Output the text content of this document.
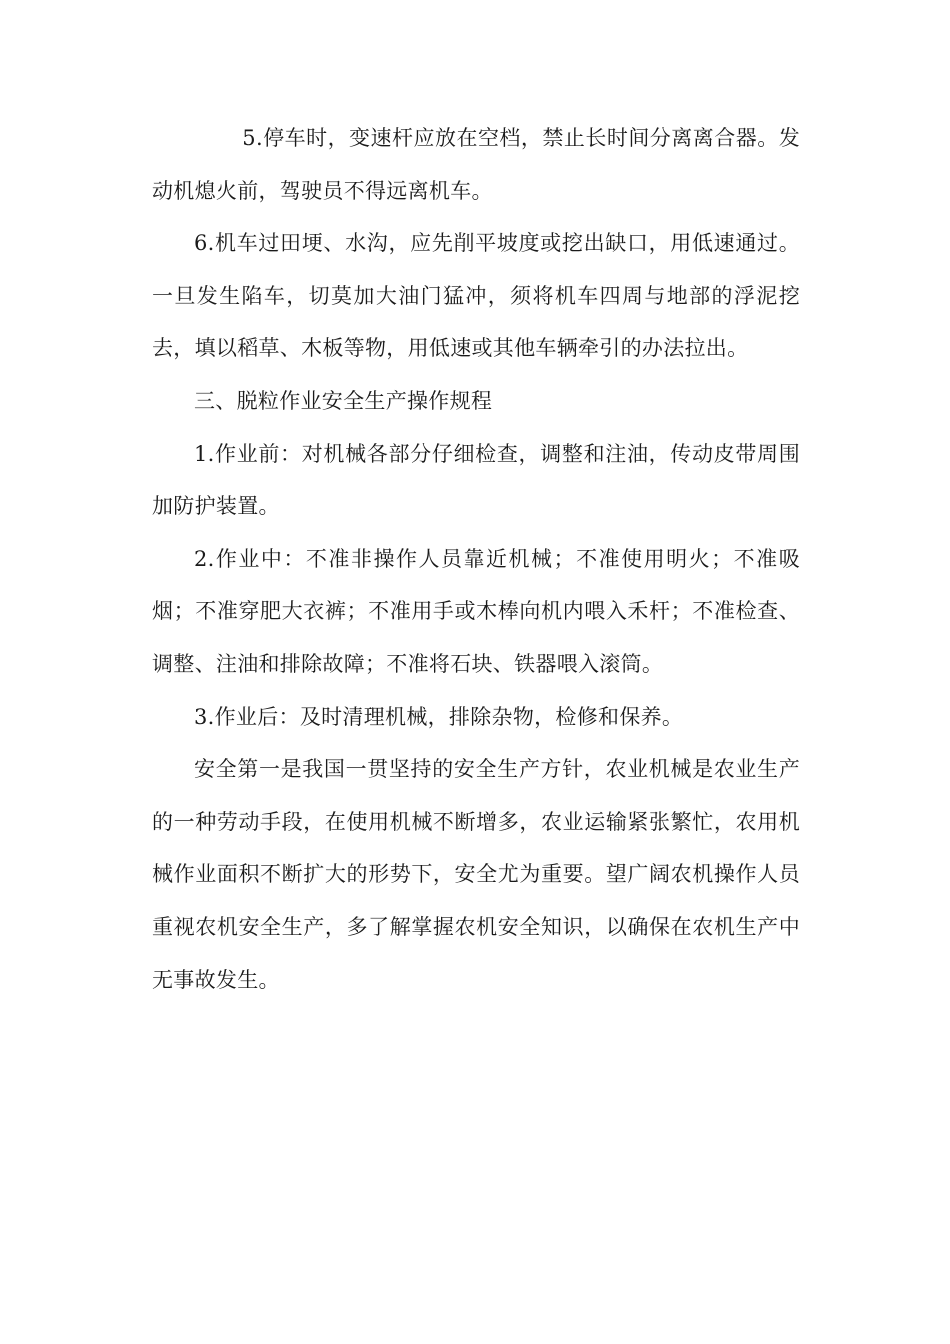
5.停车时，变速杆应放在空档，禁止长时间分离离合器。发动机熄火前，驾驶员不得远离机车。

6.机车过田埂、水沟，应先削平坡度或挖出缺口，用低速通过。一旦发生陷车，切莫加大油门猛冲，须将机车四周与地部的浮泥挖去，填以稻草、木板等物，用低速或其他车辆牵引的办法拉出。

三、脱粒作业安全生产操作规程

1.作业前：对机械各部分仔细检查，调整和注油，传动皮带周围加防护装置。

2.作业中：不准非操作人员靠近机械；不准使用明火；不准吸烟；不准穿肥大衣裤；不准用手或木棒向机内喂入禾杆；不准检查、调整、注油和排除故障；不准将石块、铁器喂入滚筒。

3.作业后：及时清理机械，排除杂物，检修和保养。

安全第一是我国一贯坚持的安全生产方针，农业机械是农业生产的一种劳动手段，在使用机械不断增多，农业运输紧张繁忙，农用机械作业面积不断扩大的形势下，安全尤为重要。望广阔农机操作人员重视农机安全生产，多了解掌握农机安全知识，以确保在农机生产中无事故发生。
